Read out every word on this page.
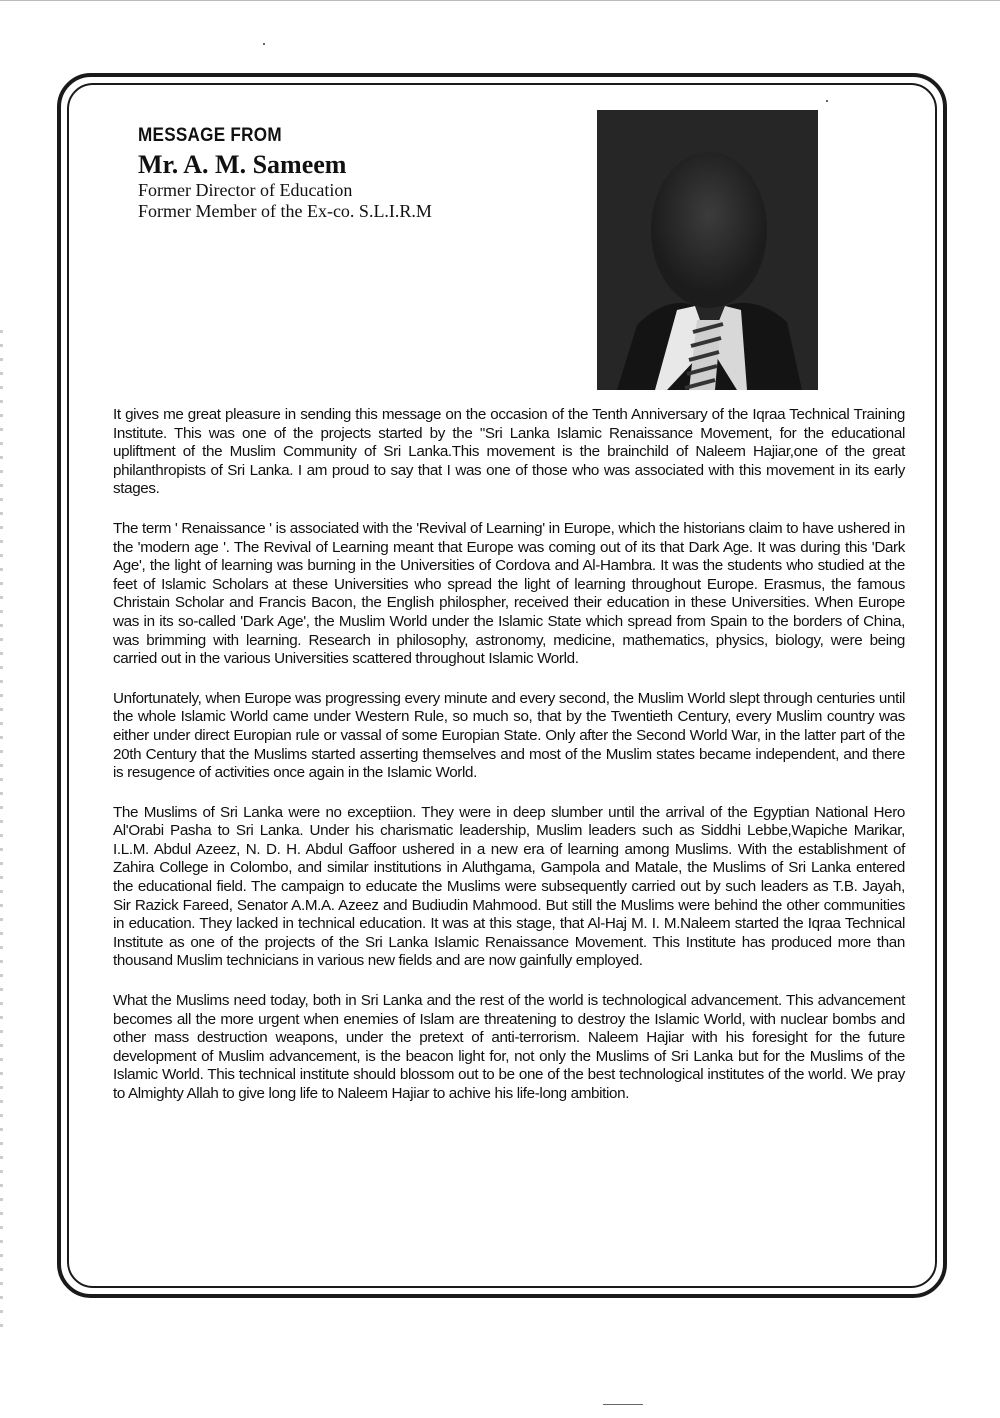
MESSAGE FROM
Mr. A. M. Sameem
Former Director of Education
Former Member of the Ex-co. S.L.I.R.M

It gives me great pleasure in sending this message on the occasion of the Tenth Anniversary of the Iqraa Technical Training Institute. This was one of the projects started by the "Sri Lanka Islamic Renaissance Movement, for the educational upliftment of the Muslim Community of Sri Lanka.This movement is the brainchild of Naleem Hajiar,one of the great philanthropists of Sri Lanka. I am proud to say that I was one of those who was associated with this movement in its early stages.

The term ' Renaissance ' is associated with the 'Revival of Learning' in Europe, which the historians claim to have ushered in the 'modern age '. The Revival of Learning meant that Europe was coming out of its that Dark Age. It was during this 'Dark Age', the light of learning was burning in the Universities of Cordova and Al-Hambra. It was the students who studied at the feet of Islamic Scholars at these Universities who spread the light of learning throughout Europe. Erasmus, the famous Christain Scholar and Francis Bacon, the English philospher, received their education in these Universities. When Europe was in its so-called 'Dark Age', the Muslim World under the Islamic State which spread from Spain to the borders of China, was brimming with learning. Research in philosophy, astronomy, medicine, mathematics, physics, biology, were being carried out in the various Universities scattered throughout Islamic World.

Unfortunately, when Europe was progressing every minute and every second, the Muslim World slept through centuries until the whole Islamic World came under Western Rule, so much so, that by the Twentieth Century, every Muslim country was either under direct Europian rule or vassal of some Europian State. Only after the Second World War, in the latter part of the 20th Century that the Muslims started asserting themselves and most of the Muslim states became independent, and there is resugence of activities once again in the Islamic World.

The Muslims of Sri Lanka were no exceptiion. They were in deep slumber until the arrival of the Egyptian National Hero Al'Orabi Pasha to Sri Lanka. Under his charismatic leadership, Muslim leaders such as Siddhi Lebbe,Wapiche Marikar, I.L.M. Abdul Azeez, N. D. H. Abdul Gaffoor ushered in a new era of learning among Muslims. With the establishment of Zahira College in Colombo, and similar institutions in Aluthgama, Gampola and Matale, the Muslims of Sri Lanka entered the educational field. The campaign to educate the Muslims were subsequently carried out by such leaders as T.B. Jayah, Sir Razick Fareed, Senator A.M.A. Azeez and Budiudin Mahmood. But still the Muslims were behind the other communities in education. They lacked in technical education. It was at this stage, that Al-Haj M. I. M.Naleem started the Iqraa Technical Institute as one of the projects of the Sri Lanka Islamic Renaissance Movement. This Institute has produced more than thousand Muslim technicians in various new fields and are now gainfully employed.

What the Muslims need today, both in Sri Lanka and the rest of the world is technological advancement. This advancement becomes all the more urgent when enemies of Islam are threatening to destroy the Islamic World, with nuclear bombs and other mass destruction weapons, under the pretext of anti-terrorism. Naleem Hajiar with his foresight for the future development of Muslim advancement, is the beacon light for, not only the Muslims of Sri Lanka but for the Muslims of the Islamic World. This technical institute should blossom out to be one of the best technological institutes of the world. We pray to Almighty Allah to give long life to Naleem Hajiar to achive his life-long ambition.
